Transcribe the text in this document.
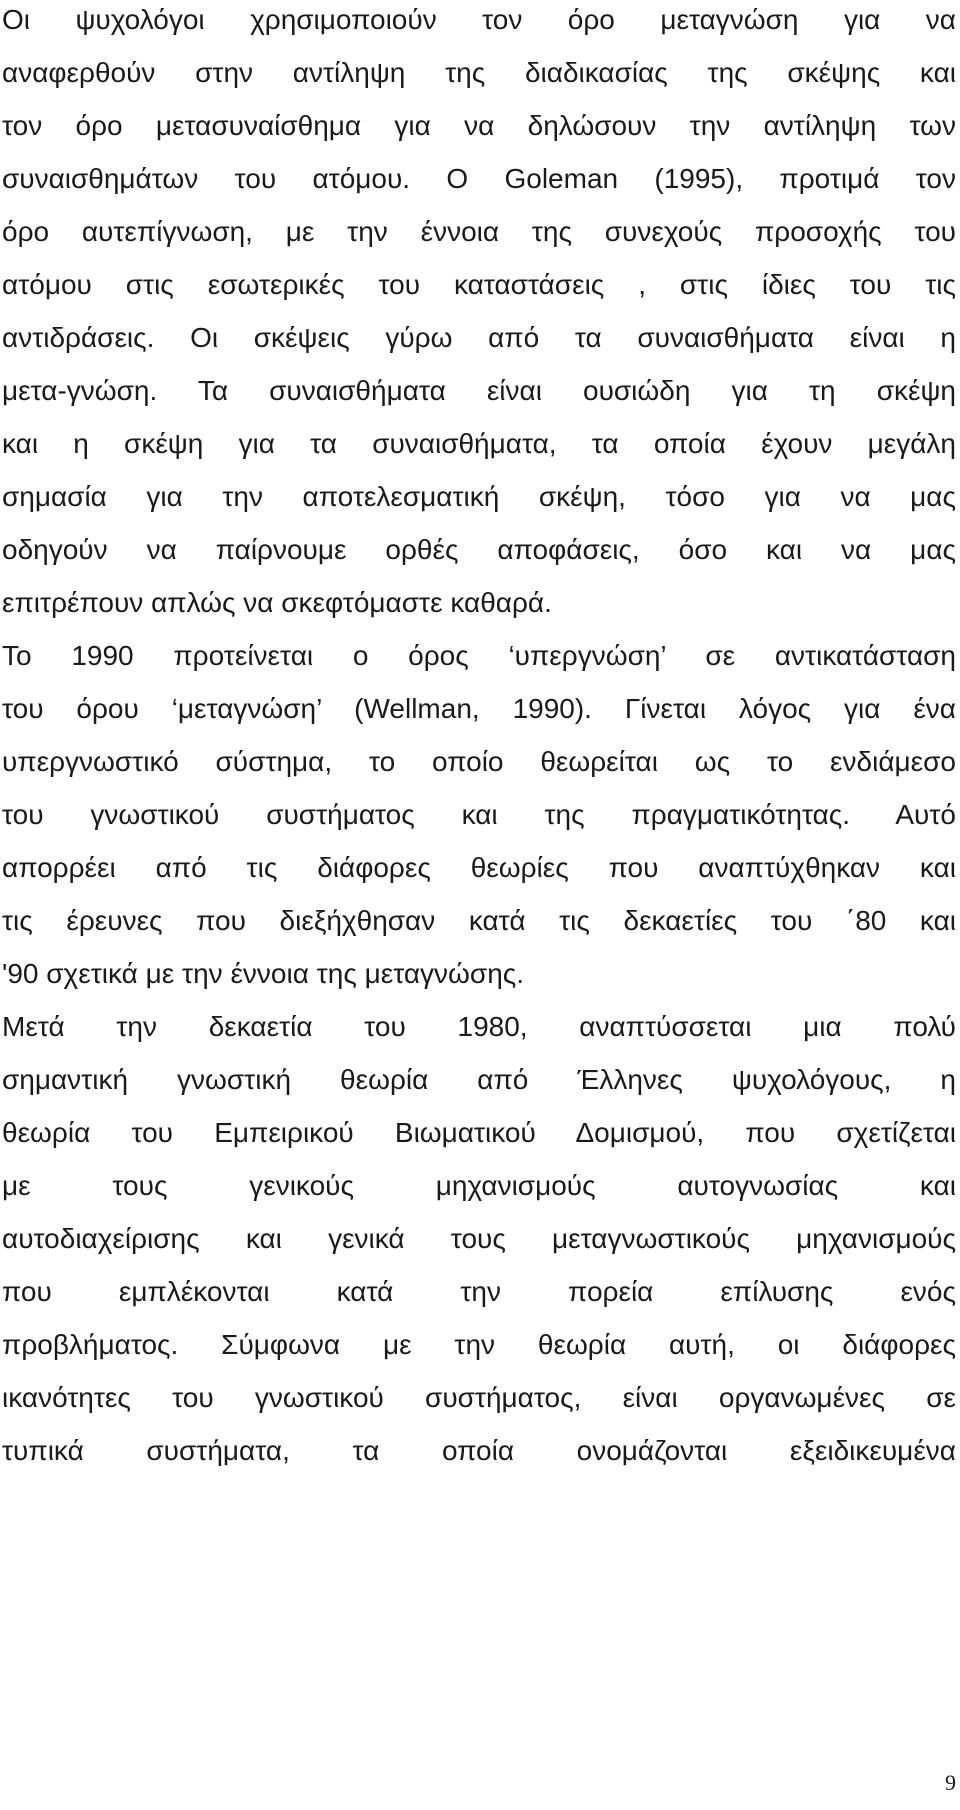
Οι ψυχολόγοι χρησιμοποιούν τον όρο μεταγνώση για να
αναφερθούν στην αντίληψη της διαδικασίας της σκέψης και
τον όρο μετασυναίσθημα για να δηλώσουν την αντίληψη των
συναισθημάτων του ατόμου. Ο Goleman (1995), προτιμά τον
όρο αυτεπίγνωση, με την έννοια της συνεχούς προσοχής του
ατόμου στις εσωτερικές του καταστάσεις , στις ίδιες του τις
αντιδράσεις. Οι σκέψεις γύρω από τα συναισθήματα είναι η
μετα-γνώση. Τα συναισθήματα είναι ουσιώδη για τη σκέψη
και η σκέψη για τα συναισθήματα, τα οποία έχουν μεγάλη
σημασία για την αποτελεσματική σκέψη, τόσο για να μας
οδηγούν να παίρνουμε ορθές αποφάσεις, όσο και να μας
επιτρέπουν απλώς να σκεφτόμαστε καθαρά.
Το 1990 προτείνεται ο όρος ‘υπεργνώση’ σε αντικατάσταση
του όρου ‘μεταγνώση’ (Wellman, 1990). Γίνεται λόγος για ένα
υπεργνωστικό σύστημα, το οποίο θεωρείται ως το ενδιάμεσο
του γνωστικού συστήματος και της πραγματικότητας. Αυτό
απορρέει από τις διάφορες θεωρίες που αναπτύχθηκαν και
τις έρευνες που διεξήχθησαν κατά τις δεκαετίες του ΄80 και
'90 σχετικά με την έννοια της μεταγνώσης.
Μετά την δεκαετία του 1980, αναπτύσσεται μια πολύ
σημαντική γνωστική θεωρία από Έλληνες ψυχολόγους, η
θεωρία του Εμπειρικού Βιωματικού Δομισμού, που σχετίζεται
με τους γενικούς μηχανισμούς αυτογνωσίας και
αυτοδιαχείρισης και γενικά τους μεταγνωστικούς μηχανισμούς
που εμπλέκονται κατά την πορεία επίλυσης ενός
προβλήματος. Σύμφωνα με την θεωρία αυτή, οι διάφορες
ικανότητες του γνωστικού συστήματος, είναι οργανωμένες σε
τυπικά συστήματα, τα οποία ονομάζονται εξειδικευμένα
9
